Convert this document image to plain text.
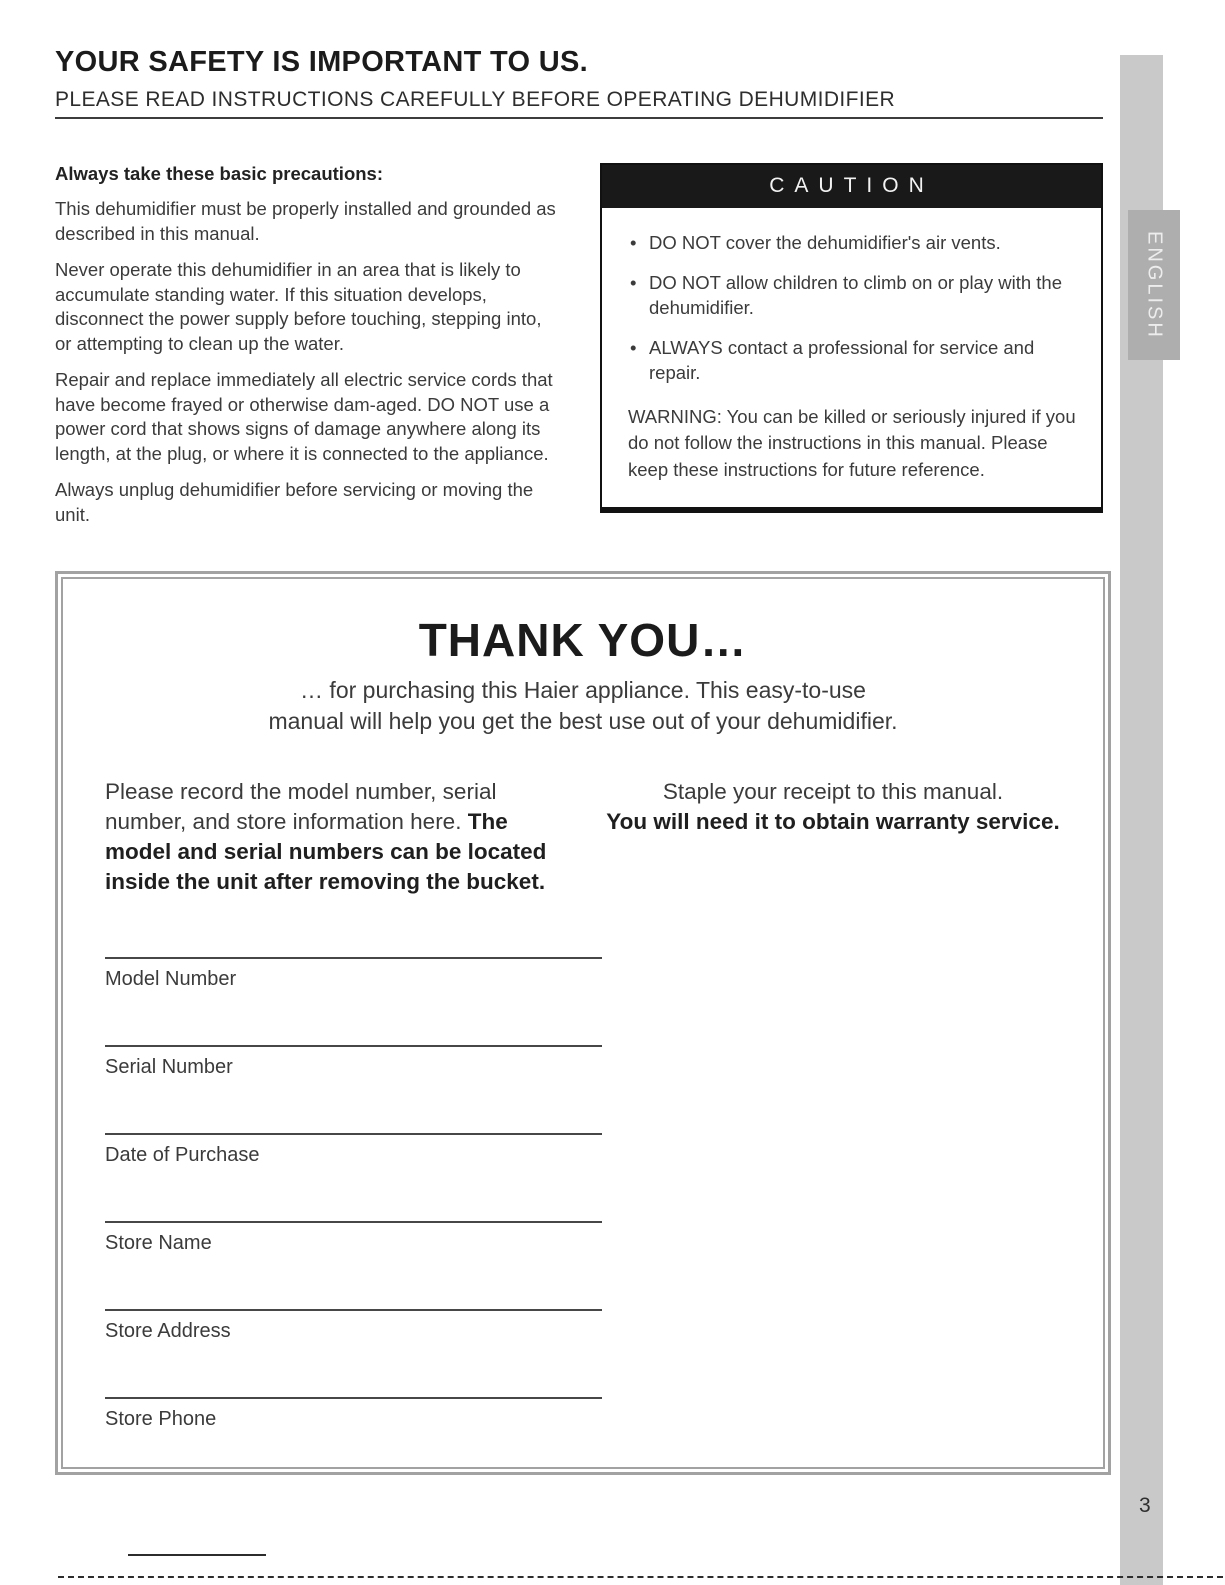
ENGLISH
3
YOUR SAFETY IS IMPORTANT TO US.
PLEASE READ INSTRUCTIONS CAREFULLY BEFORE OPERATING DEHUMIDIFIER

Always take these basic precautions:

This dehumidifier must be properly installed and grounded as described in this manual.

Never operate this dehumidifier in an area that is likely to accumulate standing water. If this situation develops, disconnect the power supply before touching, stepping into, or attempting to clean up the water.

Repair and replace immediately all electric service cords that have become frayed or otherwise dam-aged. DO NOT use a power cord that shows signs of damage anywhere along its length, at the plug, or where it is connected to the appliance.

Always unplug dehumidifier before servicing or moving the unit.

CAUTION
• DO NOT cover the dehumidifier's air vents.
• DO NOT allow children to climb on or play with the dehumidifier.
• ALWAYS contact a professional for service and repair.

WARNING: You can be killed or seriously injured if you do not follow the instructions in this manual. Please keep these instructions for future reference.

THANK YOU…

… for purchasing this Haier appliance. This easy-to-use
manual will help you get the best use out of your dehumidifier.

Please record the model number, serial number, and store information here. The model and serial numbers can be located inside the unit after removing the bucket.

Staple your receipt to this manual.
You will need it to obtain warranty service.

Model Number
Serial Number
Date of Purchase
Store Name
Store Address
Store Phone
